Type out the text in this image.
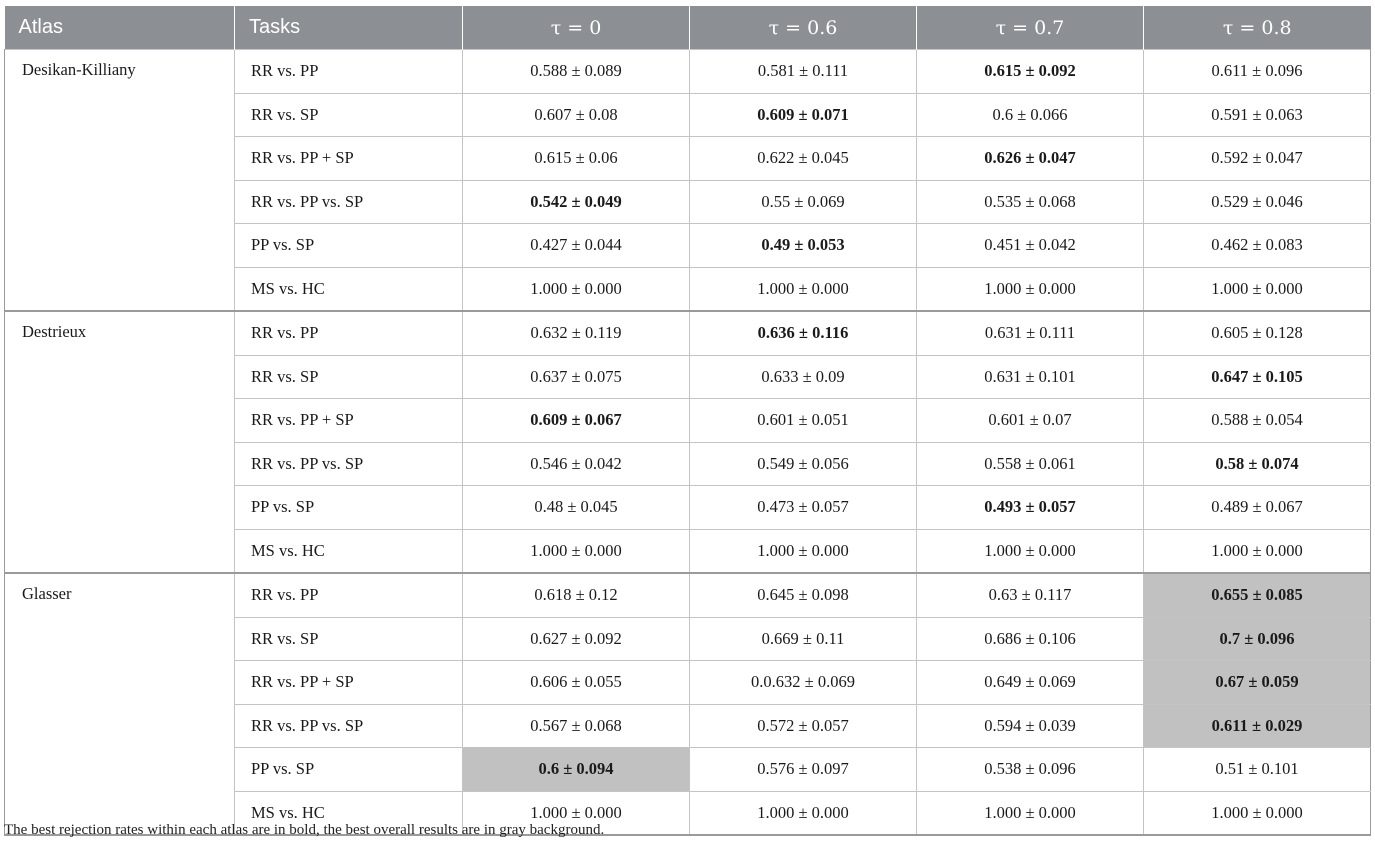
Atlas	Tasks	τ = 0	τ = 0.6	τ = 0.7	τ = 0.8
Desikan-Killiany	RR vs. PP	0.588 ± 0.089	0.581 ± 0.111	0.615 ± 0.092	0.611 ± 0.096
	RR vs. SP	0.607 ± 0.08	0.609 ± 0.071	0.6 ± 0.066	0.591 ± 0.063
	RR vs. PP + SP	0.615 ± 0.06	0.622 ± 0.045	0.626 ± 0.047	0.592 ± 0.047
	RR vs. PP vs. SP	0.542 ± 0.049	0.55 ± 0.069	0.535 ± 0.068	0.529 ± 0.046
	PP vs. SP	0.427 ± 0.044	0.49 ± 0.053	0.451 ± 0.042	0.462 ± 0.083
	MS vs. HC	1.000 ± 0.000	1.000 ± 0.000	1.000 ± 0.000	1.000 ± 0.000
Destrieux	RR vs. PP	0.632 ± 0.119	0.636 ± 0.116	0.631 ± 0.111	0.605 ± 0.128
	RR vs. SP	0.637 ± 0.075	0.633 ± 0.09	0.631 ± 0.101	0.647 ± 0.105
	RR vs. PP + SP	0.609 ± 0.067	0.601 ± 0.051	0.601 ± 0.07	0.588 ± 0.054
	RR vs. PP vs. SP	0.546 ± 0.042	0.549 ± 0.056	0.558 ± 0.061	0.58 ± 0.074
	PP vs. SP	0.48 ± 0.045	0.473 ± 0.057	0.493 ± 0.057	0.489 ± 0.067
	MS vs. HC	1.000 ± 0.000	1.000 ± 0.000	1.000 ± 0.000	1.000 ± 0.000
Glasser	RR vs. PP	0.618 ± 0.12	0.645 ± 0.098	0.63 ± 0.117	0.655 ± 0.085
	RR vs. SP	0.627 ± 0.092	0.669 ± 0.11	0.686 ± 0.106	0.7 ± 0.096
	RR vs. PP + SP	0.606 ± 0.055	0.0.632 ± 0.069	0.649 ± 0.069	0.67 ± 0.059
	RR vs. PP vs. SP	0.567 ± 0.068	0.572 ± 0.057	0.594 ± 0.039	0.611 ± 0.029
	PP vs. SP	0.6 ± 0.094	0.576 ± 0.097	0.538 ± 0.096	0.51 ± 0.101
	MS vs. HC	1.000 ± 0.000	1.000 ± 0.000	1.000 ± 0.000	1.000 ± 0.000

The best rejection rates within each atlas are in bold, the best overall results are in gray background.
